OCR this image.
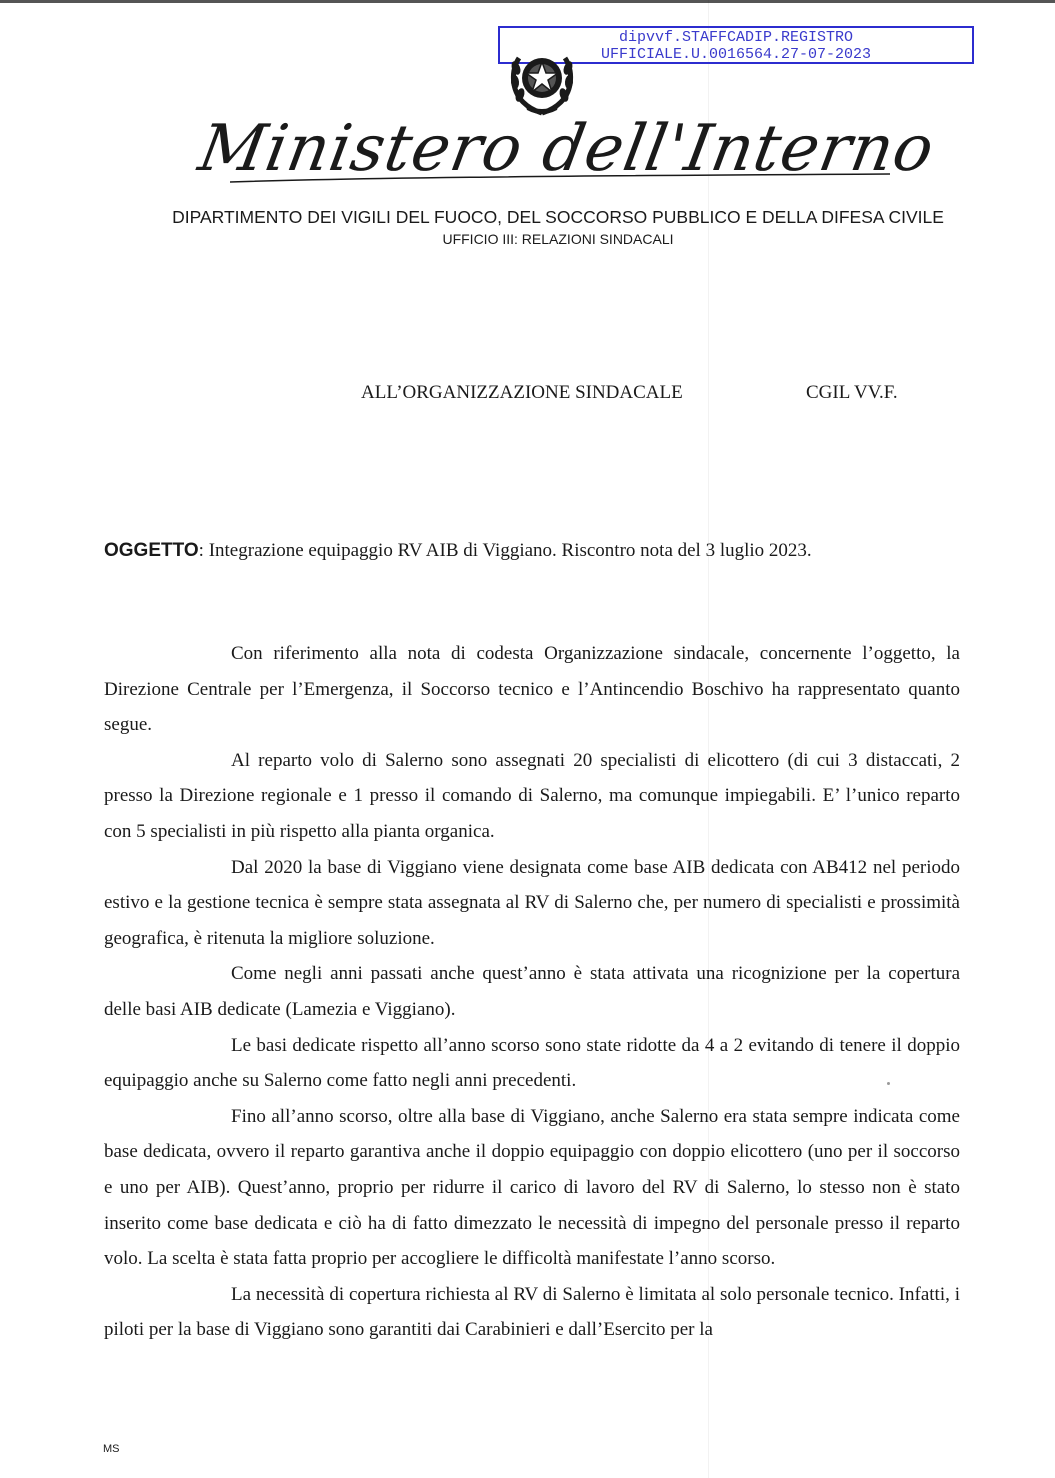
dipvvf.STAFFCADIP.REGISTRO
UFFICIALE.U.0016564.27-07-2023
Ministero dell'Interno
DIPARTIMENTO DEI VIGILI DEL FUOCO, DEL SOCCORSO PUBBLICO E DELLA DIFESA CIVILE
UFFICIO III: RELAZIONI SINDACALI
ALL’ORGANIZZAZIONE SINDACALE	CGIL VV.F.
OGGETTO: Integrazione equipaggio RV AIB di Viggiano. Riscontro nota del 3 luglio 2023.

Con riferimento alla nota di codesta Organizzazione sindacale, concernente l’oggetto, la Direzione Centrale per l’Emergenza, il Soccorso tecnico e l’Antincendio Boschivo ha rappresentato quanto segue.

Al reparto volo di Salerno sono assegnati 20 specialisti di elicottero (di cui 3 distaccati, 2 presso la Direzione regionale e 1 presso il comando di Salerno, ma comunque impiegabili. E’ l’unico reparto con 5 specialisti in più rispetto alla pianta organica.

Dal 2020 la base di Viggiano viene designata come base AIB dedicata con AB412 nel periodo estivo e la gestione tecnica è sempre stata assegnata al RV di Salerno che, per numero di specialisti e prossimità geografica, è ritenuta la migliore soluzione.

Come negli anni passati anche quest’anno è stata attivata una ricognizione per la copertura delle basi AIB dedicate (Lamezia e Viggiano).

Le basi dedicate rispetto all’anno scorso sono state ridotte da 4 a 2 evitando di tenere il doppio equipaggio anche su Salerno come fatto negli anni precedenti.

Fino all’anno scorso, oltre alla base di Viggiano, anche Salerno era stata sempre indicata come base dedicata, ovvero il reparto garantiva anche il doppio equipaggio con doppio elicottero (uno per il soccorso e uno per AIB). Quest’anno, proprio per ridurre il carico di lavoro del RV di Salerno, lo stesso non è stato inserito come base dedicata e ciò ha di fatto dimezzato le necessità di impegno del personale presso il reparto volo. La scelta è stata fatta proprio per accogliere le difficoltà manifestate l’anno scorso.

La necessità di copertura richiesta al RV di Salerno è limitata al solo personale tecnico. Infatti, i piloti per la base di Viggiano sono garantiti dai Carabinieri e dall’Esercito per la

MS
